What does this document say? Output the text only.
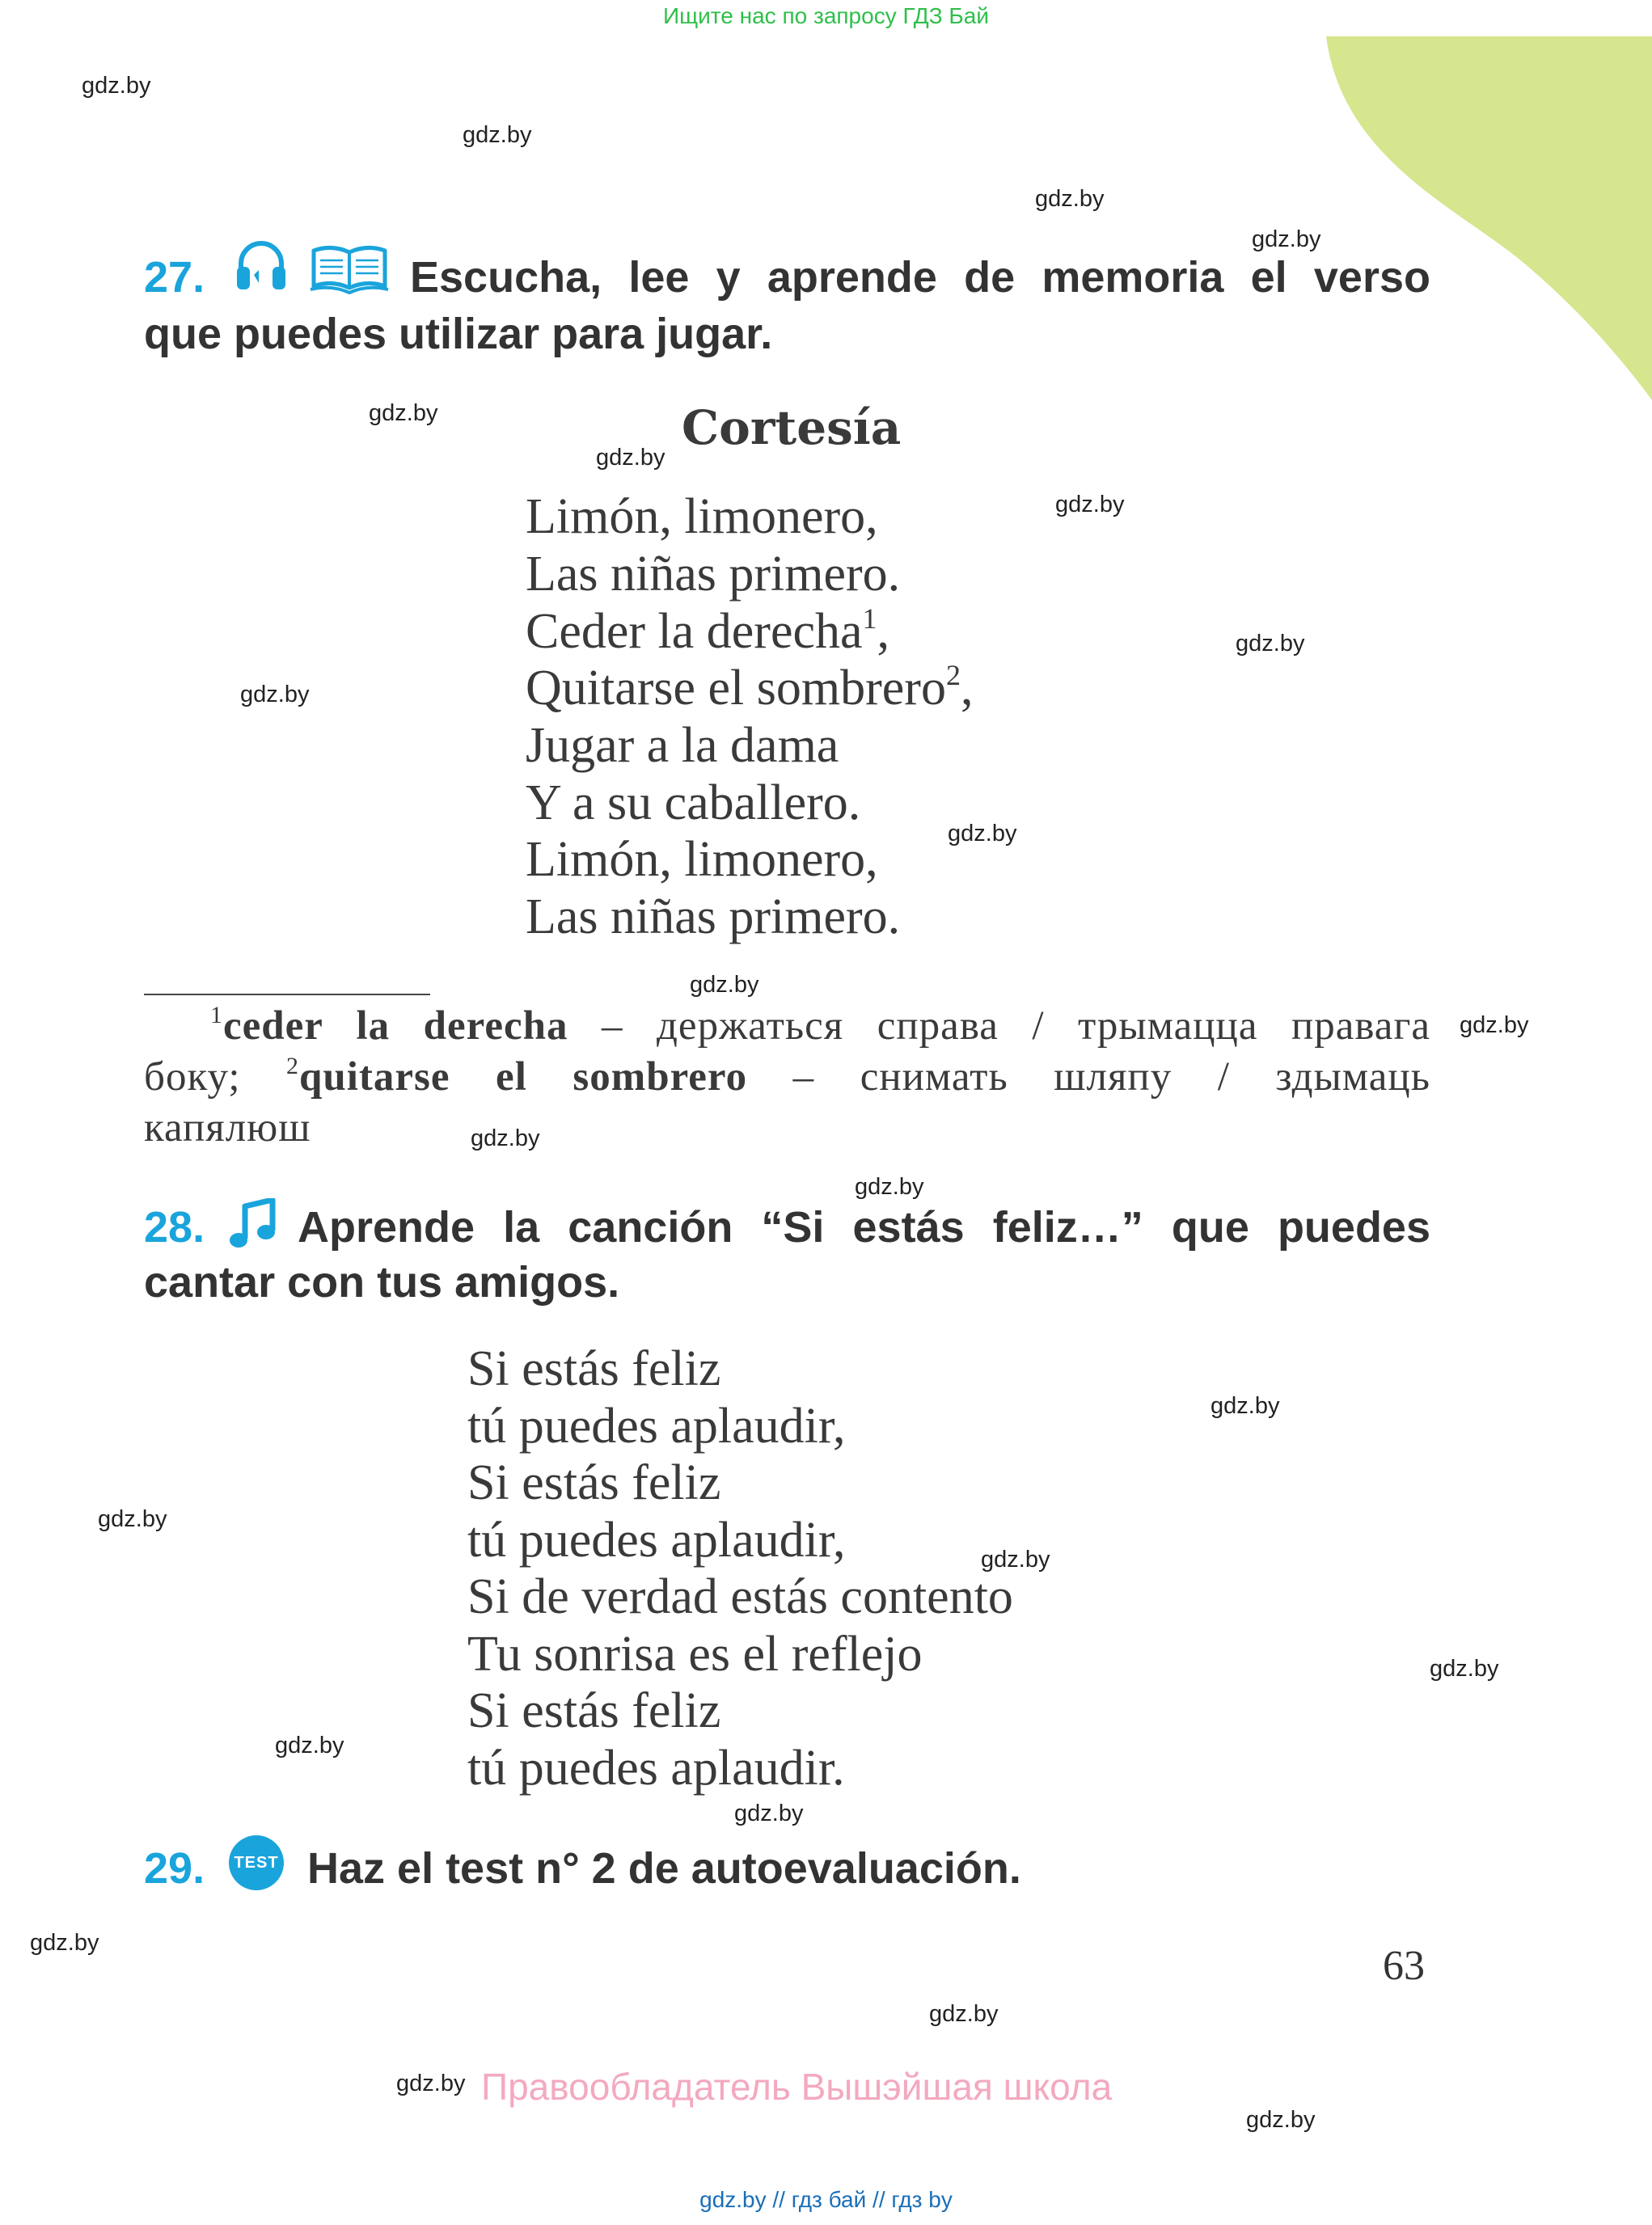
Ищите нас по запросу ГДЗ Бай
gdz.by
gdz.by
gdz.by
gdz.by
gdz.by
gdz.by
gdz.by
gdz.by
gdz.by
gdz.by
gdz.by
gdz.by
gdz.by
gdz.by
gdz.by
gdz.by
gdz.by
gdz.by
gdz.by
gdz.by
gdz.by
gdz.by
gdz.by
gdz.by
27.	Escucha, lee y aprende de memoria el verso
que puedes utilizar para jugar.
Cortesía
Limón, limonero,
Las niñas primero.
Ceder la derecha$^1$,
Quitarse el sombrero$^2$,
Jugar a la dama
Y a su caballero.
Limón, limonero,
Las niñas primero.
$^1$ceder la derecha – держаться справа / трымацца правага
боку; $^2$quitarse el sombrero – снимать шляпу / здымаць
капялюш
28. Aprende la canción “Si estás feliz…” que puedes
cantar con tus amigos.
Si estás feliz
tú puedes aplaudir,
Si estás feliz
tú puedes aplaudir,
Si de verdad estás contento
Tu sonrisa es el reflejo
Si estás feliz
tú puedes aplaudir.
29.	TEST Haz el test n° 2 de autoevaluación.
63
Правообладатель Вышэйшая школа
gdz.by // гдз бай // гдз by
